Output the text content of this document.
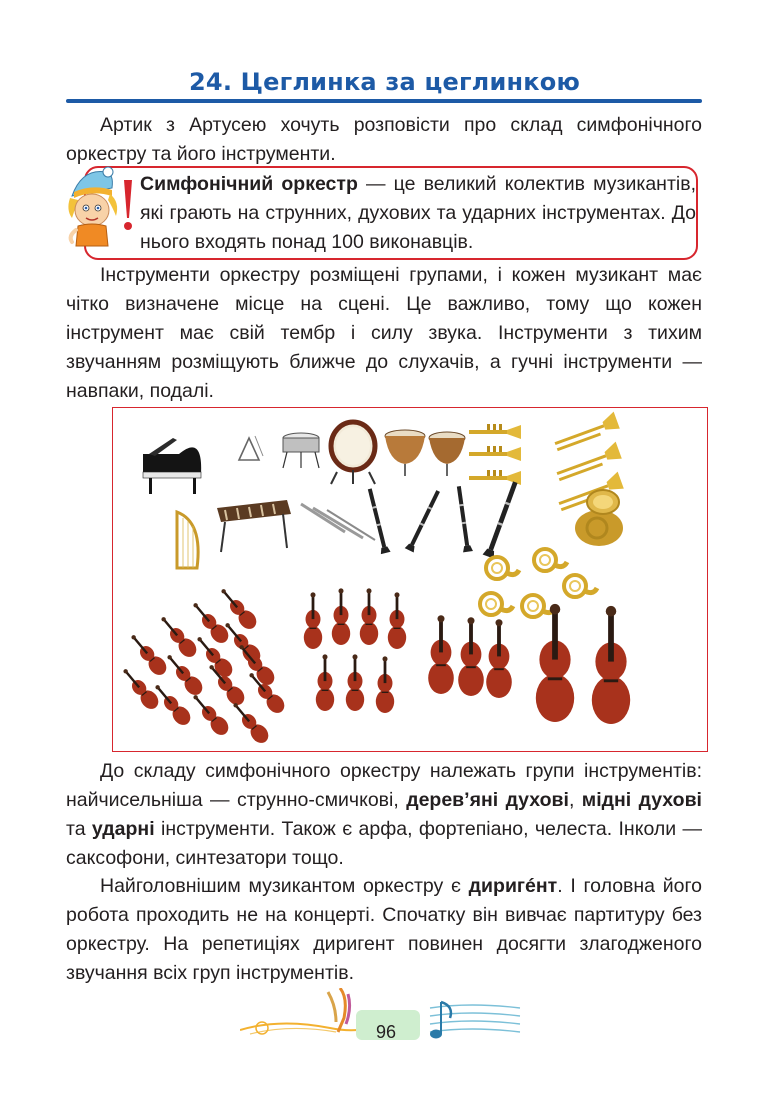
24. Цеглинка за цеглинкою

Артик з Артусею хочуть розповісти про склад симфонічного оркестру та його інструменти.

Симфонічний оркестр — це великий колектив музикантів, які грають на струнних, духових та ударних інструментах. До нього входять понад 100 виконавців.

Інструменти оркестру розміщені групами, і кожен музикант має чітко визначене місце на сцені. Це важливо, тому що кожен інструмент має свій тембр і силу звука. Інструменти з тихим звучанням розміщують ближче до слухачів, а гучні інструменти — навпаки, подалі.

До складу симфонічного оркестру належать групи інструментів: найчисельніша — струнно-смичкові, дерев’яні духові, мідні духові та ударні інструменти. Також є арфа, фортепіано, челеста. Інколи — саксофони, синтезатори тощо.

Найголовнішим музикантом оркестру є диригéнт. І головна його робота проходить не на концерті. Спочатку він вивчає партитуру без оркестру. На репетиціях диригент повинен досягти злагодженого звучання всіх груп інструментів.

96
